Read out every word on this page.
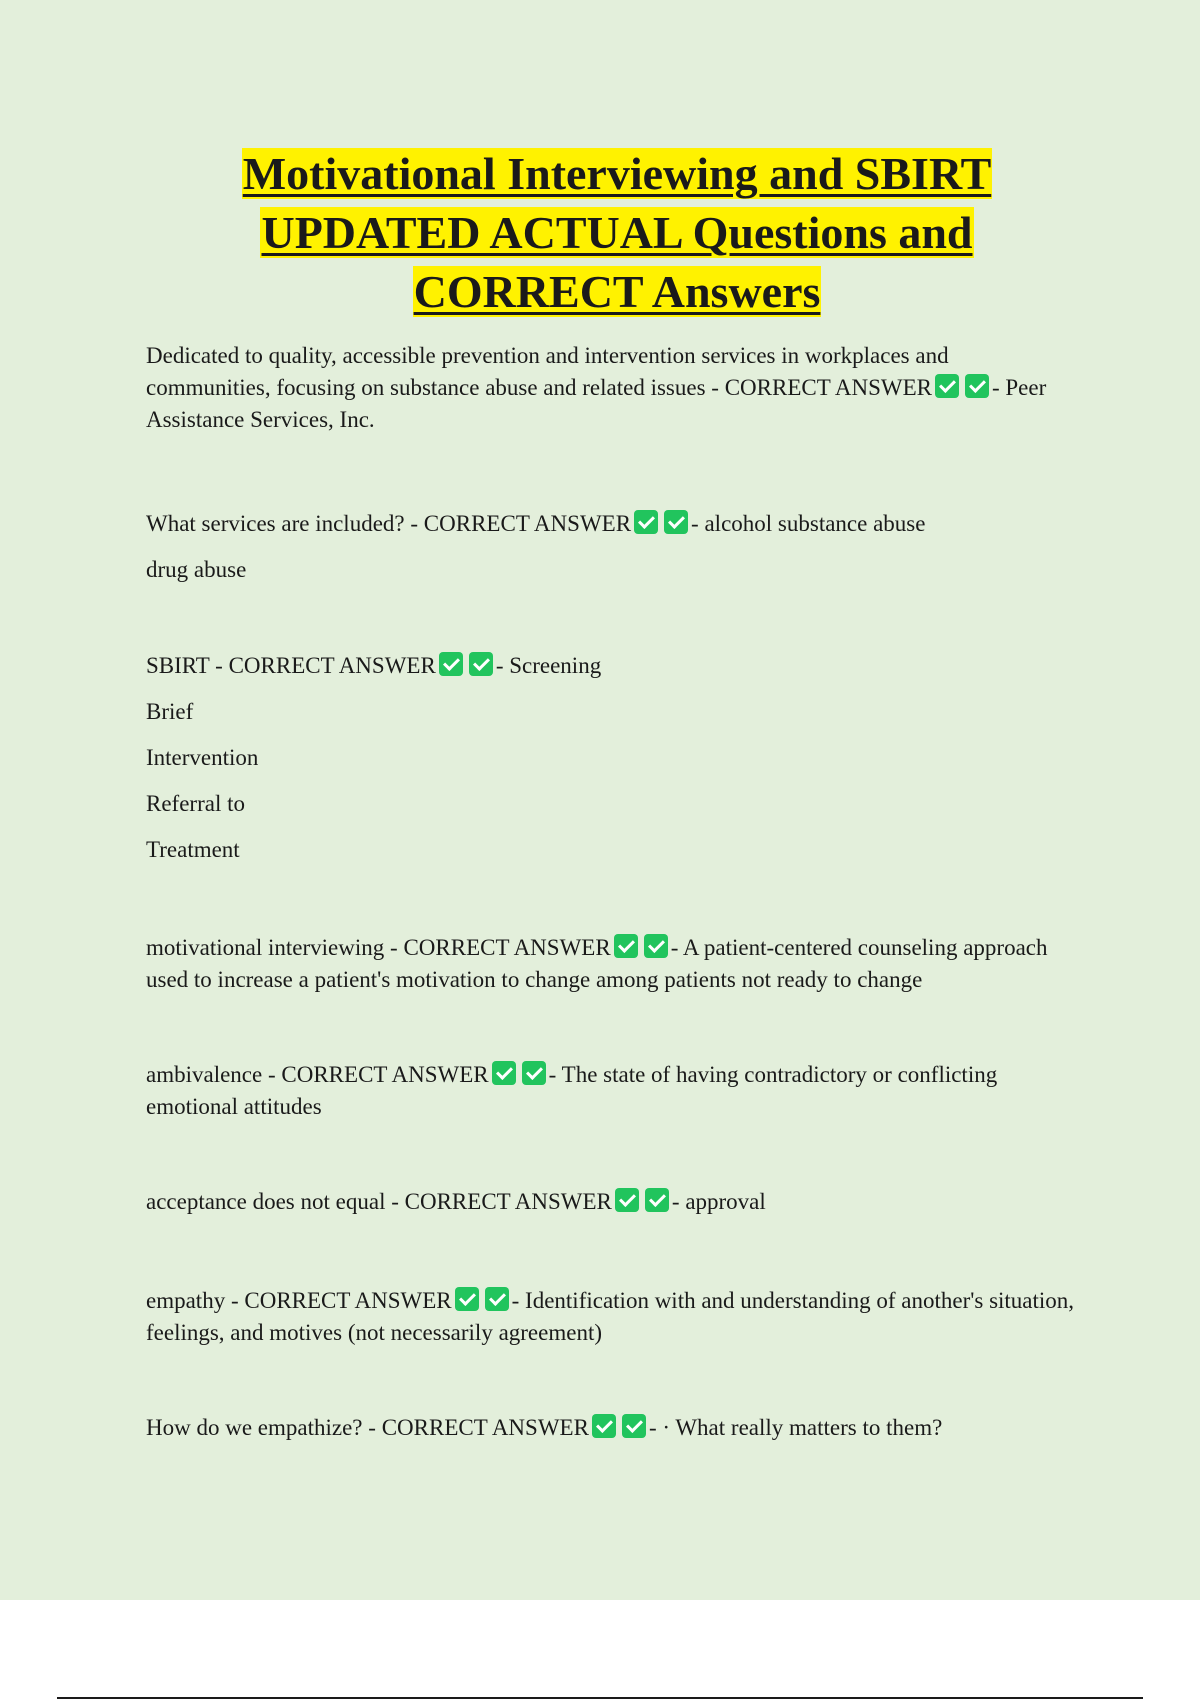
Motivational Interviewing and SBIRT
UPDATED ACTUAL Questions and
CORRECT Answers

Dedicated to quality, accessible prevention and intervention services in workplaces and communities, focusing on substance abuse and related issues - CORRECT ANSWER	- Peer Assistance Services, Inc.

What services are included? - CORRECT ANSWER	- alcohol substance abuse

drug abuse

SBIRT - CORRECT ANSWER	- Screening

Brief

Intervention

Referral to

Treatment

motivational interviewing - CORRECT ANSWER	- A patient-centered counseling approach used to increase a patient's motivation to change among patients not ready to change

ambivalence - CORRECT ANSWER	- The state of having contradictory or conflicting emotional attitudes

acceptance does not equal - CORRECT ANSWER	- approval

empathy - CORRECT ANSWER	- Identification with and understanding of another's situation, feelings, and motives (not necessarily agreement)

How do we empathize? - CORRECT ANSWER	- · What really matters to them?
